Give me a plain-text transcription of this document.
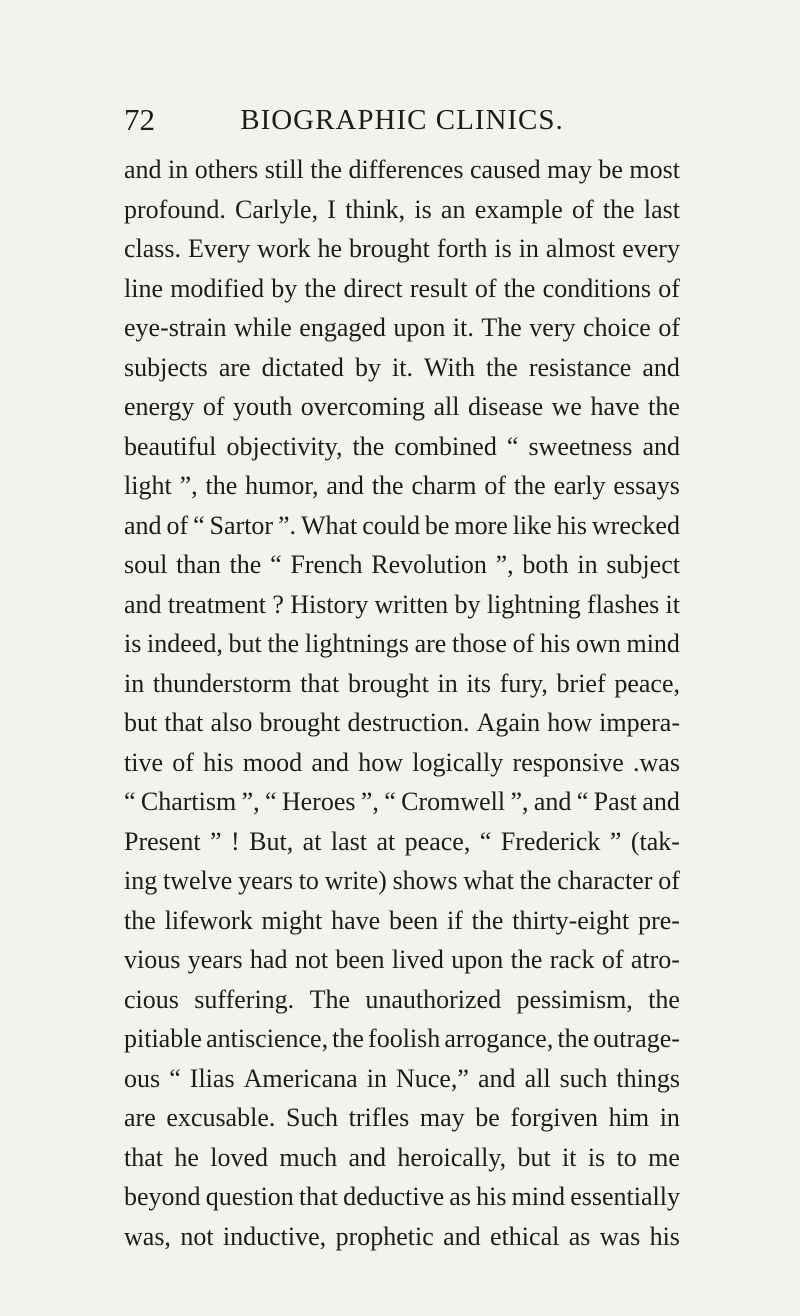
72	BIOGRAPHIC CLINICS.
and in others still the differences caused may be most
profound. Carlyle, I think, is an example of the last
class. Every work he brought forth is in almost every
line modified by the direct result of the conditions of
eye-strain while engaged upon it. The very choice of
subjects are dictated by it. With the resistance and
energy of youth overcoming all disease we have the
beautiful objectivity, the combined “ sweetness and
light ”, the humor, and the charm of the early essays
and of “ Sartor ”. What could be more like his wrecked
soul than the “ French Revolution ”, both in subject
and treatment ? History written by lightning flashes it
is indeed, but the lightnings are those of his own mind
in thunderstorm that brought in its fury, brief peace,
but that also brought destruction. Again how impera-
tive of his mood and how logically responsive .was
“ Chartism ”, “ Heroes ”, “ Cromwell ”, and “ Past and
Present ” ! But, at last at peace, “ Frederick ” (tak-
ing twelve years to write) shows what the character of
the lifework might have been if the thirty-eight pre-
vious years had not been lived upon the rack of atro-
cious suffering. The unauthorized pessimism, the
pitiable antiscience, the foolish arrogance, the outrage-
ous “ Ilias Americana in Nuce,” and all such things
are excusable. Such trifles may be forgiven him in
that he loved much and heroically, but it is to me
beyond question that deductive as his mind essentially
was, not inductive, prophetic and ethical as was his
